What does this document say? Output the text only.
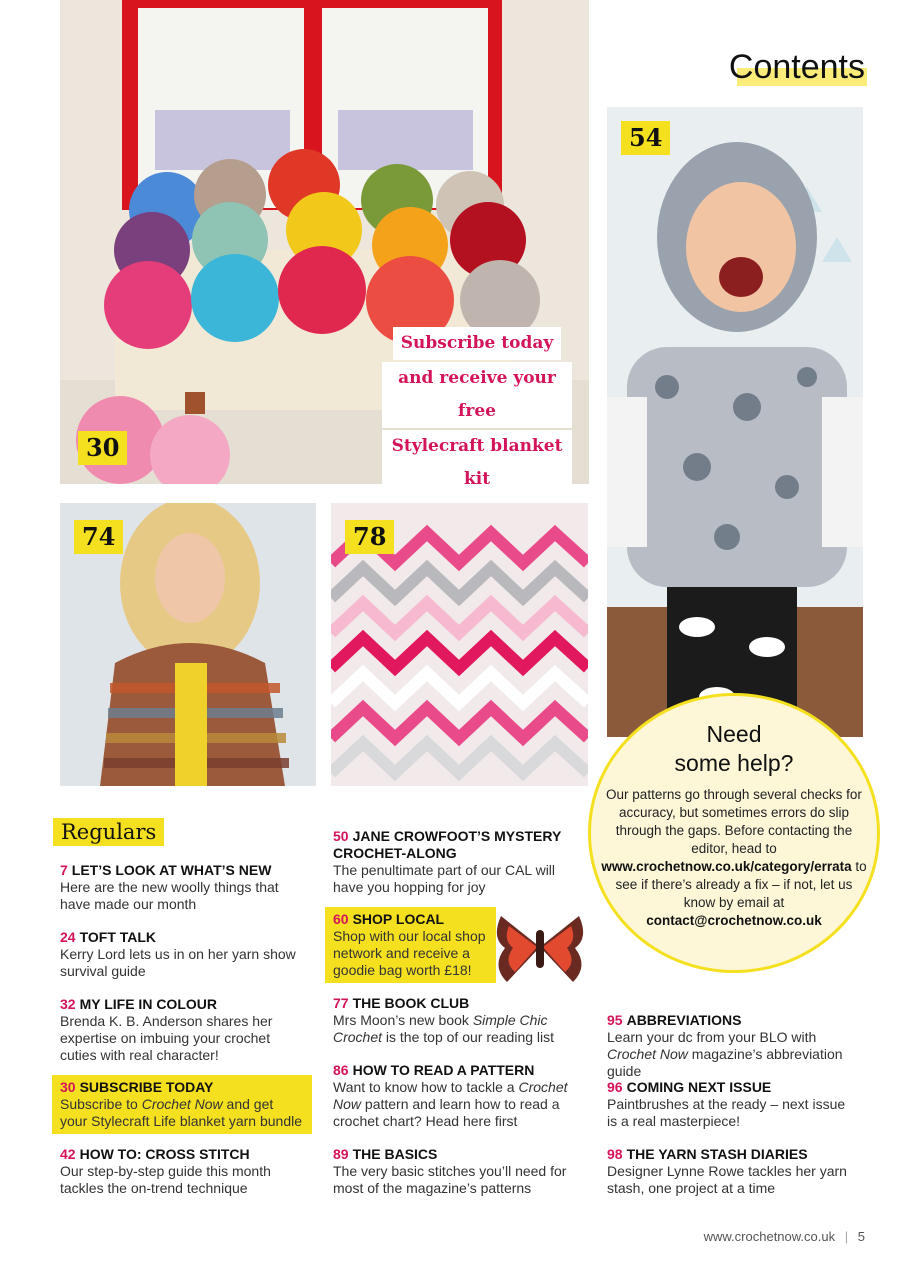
Contents
30
Subscribe today
and receive your free
Stylecraft blanket kit

54
74	78
Need
some help?

Our patterns go through several checks for accuracy, but sometimes errors do slip through the gaps. Before contacting the editor, head to www.crochetnow.co.uk/category/errata to see if there’s already a fix – if not, let us know by email at contact@crochetnow.co.uk

Regulars
7 LET’S LOOK AT WHAT’S NEW
Here are the new woolly things that have made our month
24 TOFT TALK
Kerry Lord lets us in on her yarn show survival guide
32 MY LIFE IN COLOUR
Brenda K. B. Anderson shares her expertise on imbuing your crochet cuties with real character!
30 SUBSCRIBE TODAY
Subscribe to Crochet Now and get your Stylecraft Life blanket yarn bundle
42 HOW TO: CROSS STITCH
Our step-by-step guide this month tackles the on-trend technique
50 JANE CROWFOOT’S MYSTERY CROCHET-ALONG
The penultimate part of our CAL will have you hopping for joy
60 SHOP LOCAL
Shop with our local shop network and receive a goodie bag worth £18!
77 THE BOOK CLUB
Mrs Moon’s new book Simple Chic Crochet is the top of our reading list
86 HOW TO READ A PATTERN
Want to know how to tackle a Crochet Now pattern and learn how to read a crochet chart? Head here first
89 THE BASICS
The very basic stitches you’ll need for most of the magazine’s patterns
95 ABBREVIATIONS
Learn your dc from your BLO with Crochet Now magazine’s abbreviation guide
96 COMING NEXT ISSUE
Paintbrushes at the ready – next issue is a real masterpiece!
98 THE YARN STASH DIARIES
Designer Lynne Rowe tackles her yarn stash, one project at a time
www.crochetnow.co.uk | 5
